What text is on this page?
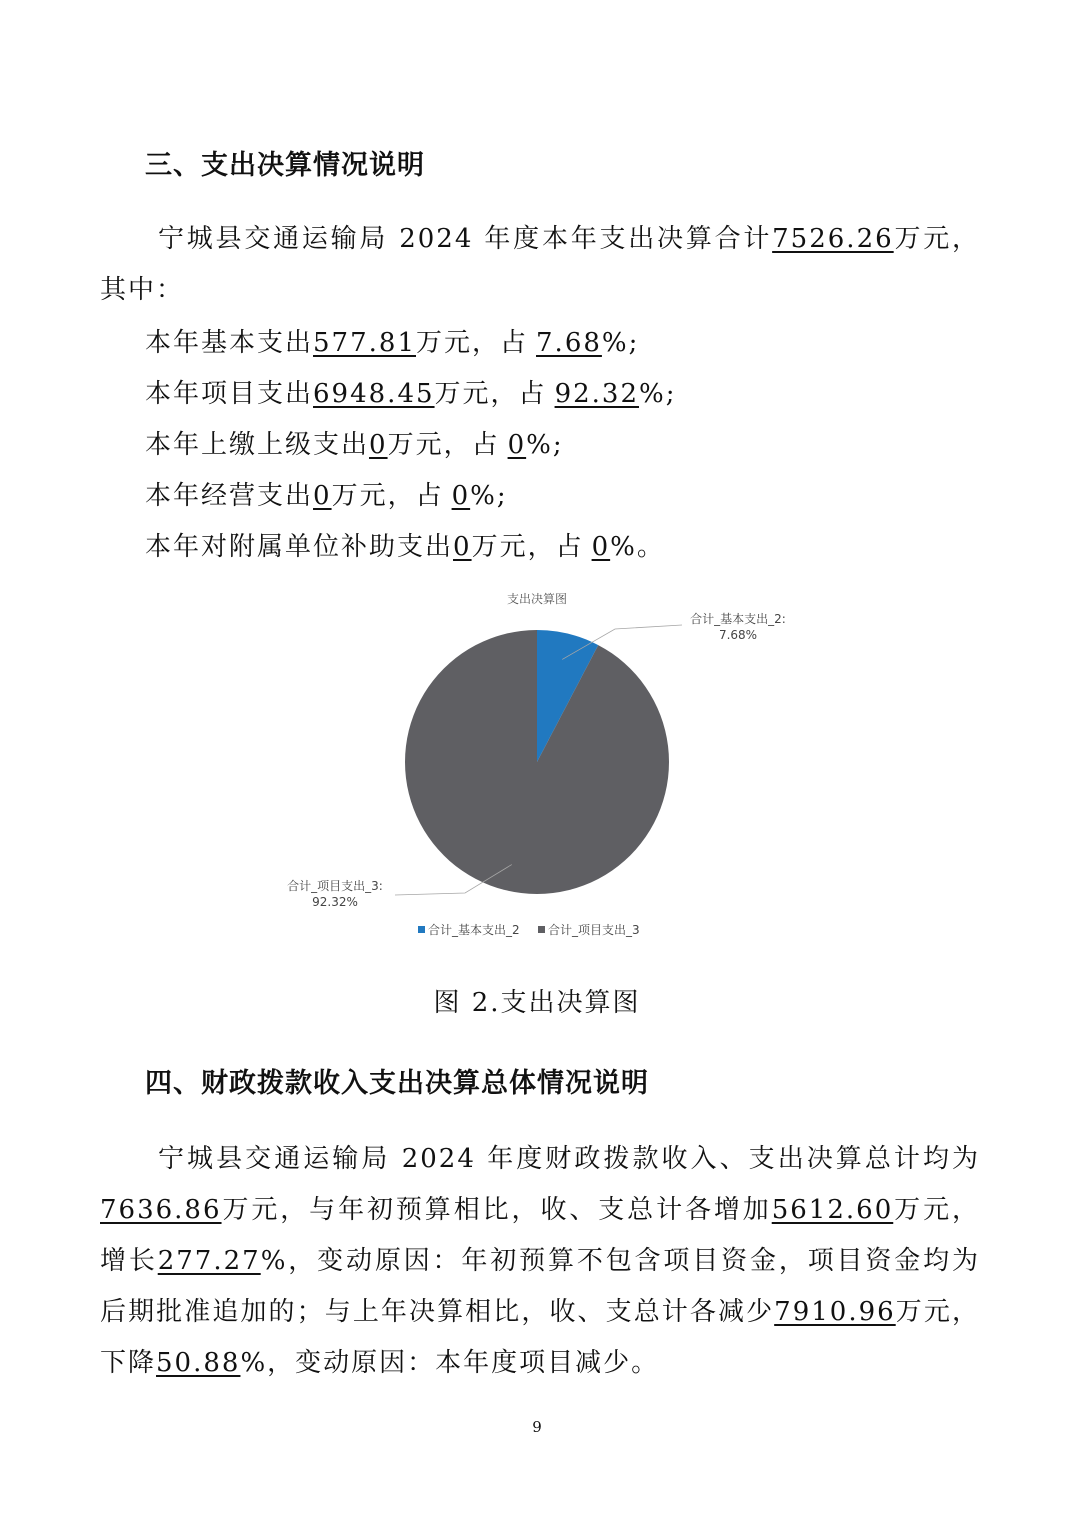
三、支出决算情况说明

宁城县交通运输局 2024 年度本年支出决算合计7526.26万元，其中：

本年基本支出577.81万元，占 7.68%;

本年项目支出6948.45万元，占 92.32%;

本年上缴上级支出0万元，占 0%;

本年经营支出0万元，占 0%;

本年对附属单位补助支出0万元，占 0%。

支出决算图
合计_基本支出_2:
7.68%
合计_项目支出_3:
92.32%
合计_基本支出_2 合计_项目支出_3

图 2.支出决算图

四、财政拨款收入支出决算总体情况说明

宁城县交通运输局 2024 年度财政拨款收入、支出决算总计均为7636.86万元，与年初预算相比，收、支总计各增加5612.60万元，增长277.27%，变动原因：年初预算不包含项目资金，项目资金均为后期批准追加的；与上年决算相比，收、支总计各减少7910.96万元，下降50.88%，变动原因：本年度项目减少。

9
